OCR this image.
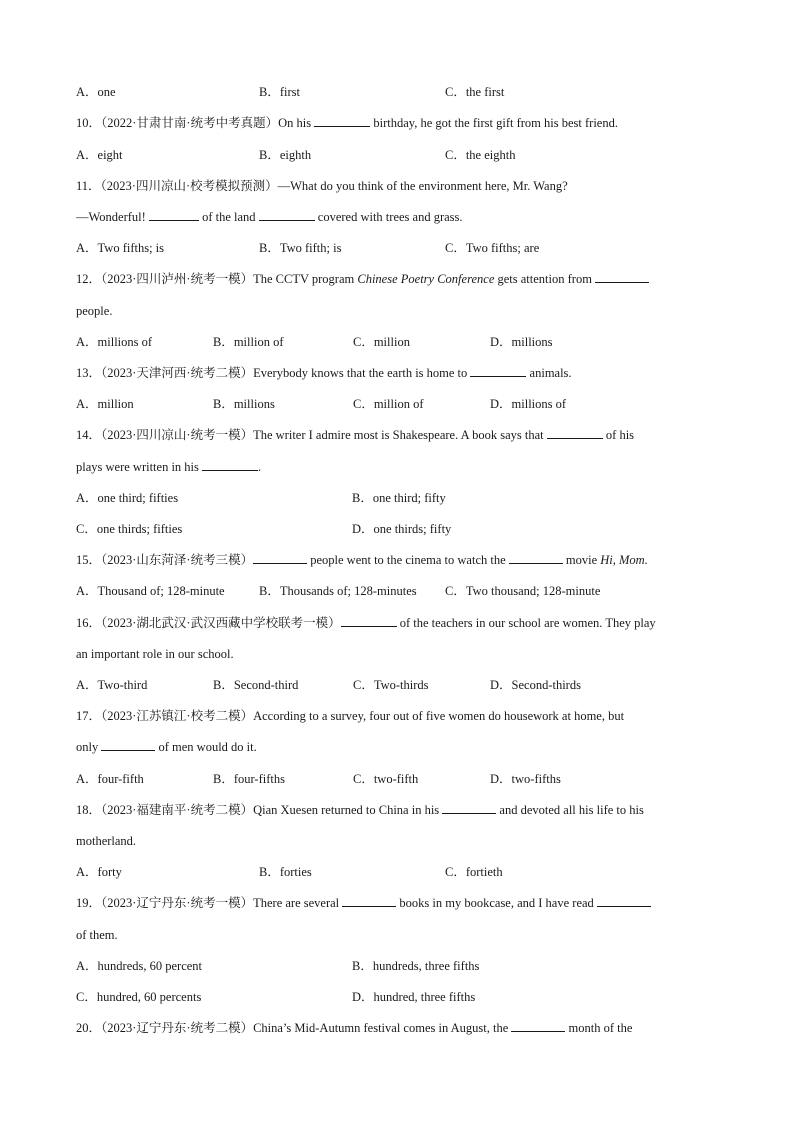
A．one	B．first	C．the first
10．（2022·甘肃甘南·统考中考真题）On his	birthday, he got the first gift from his best friend.
A．eight	B．eighth	C．the eighth
11．（2023·四川凉山·校考模拟预测）—What do you think of the environment here, Mr. Wang?
—Wonderful!	of the land	covered with trees and grass.
A．Two fifths; is	B．Two fifth; is	C．Two fifths; are
12．（2023·四川泸州·统考一模）The CCTV program Chinese Poetry Conference gets attention from
people.
A．millions of	B．million of	C．million	D．millions
13．（2023·天津河西·统考二模）Everybody knows that the earth is home to	animals.
A．million	B．millions	C．million of	D．millions of
14．（2023·四川凉山·统考一模）The writer I admire most is Shakespeare. A book says that	of his
plays were written in his	.
A．one third; fifties	B．one third; fifty
C．one thirds; fifties	D．one thirds; fifty
15．（2023·山东菏泽·统考三模）	people went to the cinema to watch the	movie Hi, Mom.
A．Thousand of; 128-minute	B．Thousands of; 128-minutes C．Two thousand; 128-minute
16．（2023·湖北武汉·武汉西藏中学校联考一模）	of the teachers in our school are women. They play
an important role in our school.
A．Two-third	B．Second-third	C．Two-thirds	D．Second-thirds
17．（2023·江苏镇江·校考二模）According to a survey, four out of five women do housework at home, but
only	of men would do it.
A．four-fifth	B．four-fifths	C．two-fifth	D．two-fifths
18．（2023·福建南平·统考二模）Qian Xuesen returned to China in his	and devoted all his life to his
motherland.
A．forty	B．forties	C．fortieth
19．（2023·辽宁丹东·统考一模）There are several	books in my bookcase, and I have read
of them.
A．hundreds, 60 percent	B．hundreds, three fifths
C．hundred, 60 percents	D．hundred, three fifths
20．（2023·辽宁丹东·统考二模）China’s Mid-Autumn festival comes in August, the	month of the
